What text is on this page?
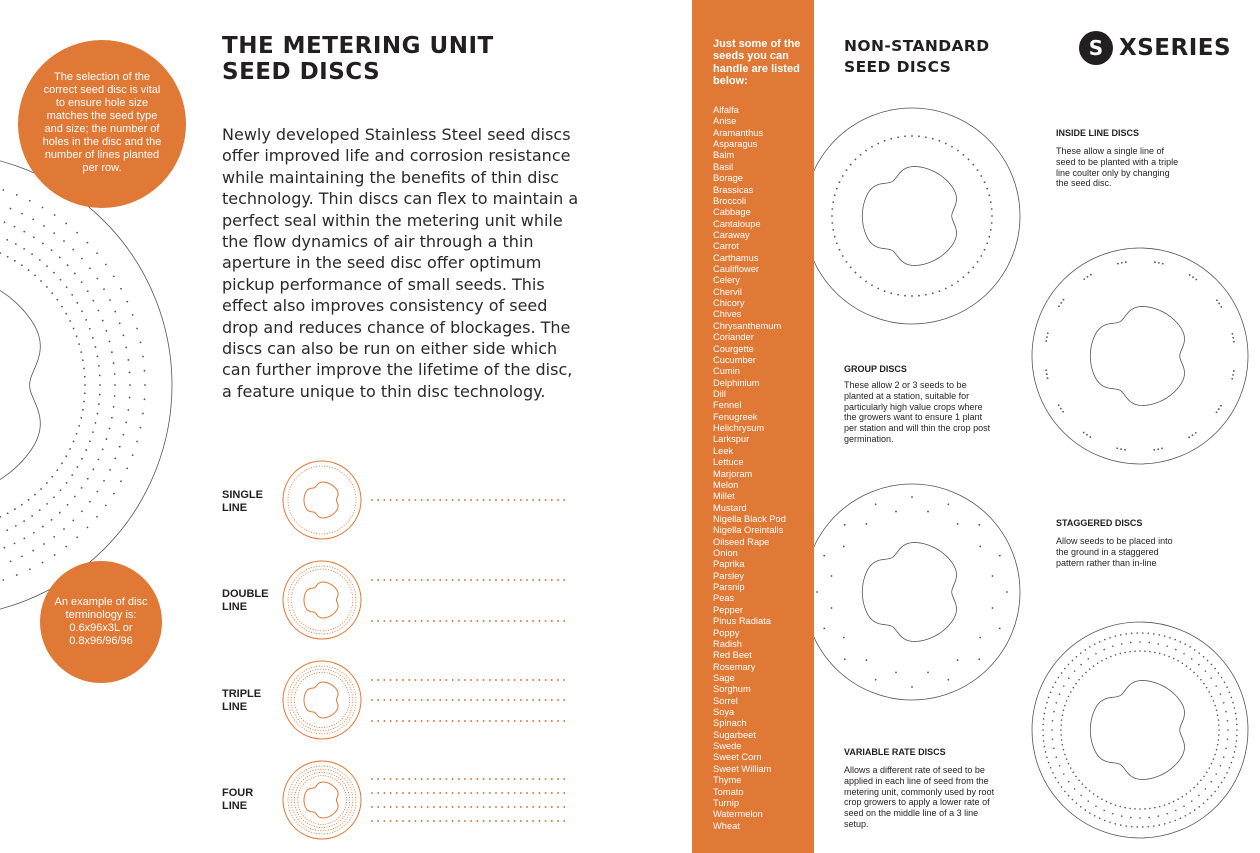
The selection of the correct seed disc is vital to ensure hole size matches the seed type and size; the number of holes in the disc and the number of lines planted per row.

An example of disc terminology is: 0.6x96x3L or 0.8x96/96/96

THE METERING UNIT
SEED DISCS

Newly developed Stainless Steel seed discs offer improved life and corrosion resistance while maintaining the benefits of thin disc technology. Thin discs can flex to maintain a perfect seal within the metering unit while the flow dynamics of air through a thin aperture in the seed disc offer optimum pickup performance of small seeds. This effect also improves consistency of seed drop and reduces chance of blockages. The discs can also be run on either side which can further improve the lifetime of the disc, a feature unique to thin disc technology.

SINGLE
LINE

DOUBLE
LINE

TRIPLE
LINE

FOUR
LINE

Just some of the seeds you can handle are listed below:

Alfalfa
Anise
Aramanthus
Asparagus
Balm
Basil
Borage
Brassicas
Broccoli
Cabbage
Cantaloupe
Caraway
Carrot
Carthamus
Cauliflower
Celery
Chervil
Chicory
Chives
Chrysanthemum
Coriander
Courgette
Cucumber
Cumin
Delphinium
Dill
Fennel
Fenugreek
Helichrysum
Larkspur
Leek
Lettuce
Marjoram
Melon
Millet
Mustard
Nigella Black Pod
Nigella Oreintalis
Oilseed Rape
Onion
Paprika
Parsley
Parsnip
Peas
Pepper
Pinus Radiata
Poppy
Radish
Red Beet
Rosemary
Sage
Sorghum
Sorrel
Soya
Spinach
Sugarbeet
Swede
Sweet Corn
Sweet William
Thyme
Tomato
Turnip
Watermelon
Wheat
NON-STANDARD
SEED DISCS
S XSERIES

INSIDE LINE DISCS

These allow a single line of seed to be planted with a triple line coulter only by changing the seed disc.

GROUP DISCS

These allow 2 or 3 seeds to be planted at a station, suitable for particularly high value crops where the growers want to ensure 1 plant per station and will thin the crop post germination.

STAGGERED DISCS

Allow seeds to be placed into the ground in a staggered pattern rather than in-line

VARIABLE RATE DISCS

Allows a different rate of seed to be applied in each line of seed from the metering unit, commonly used by root crop growers to apply a lower rate of seed on the middle line of a 3 line setup.
